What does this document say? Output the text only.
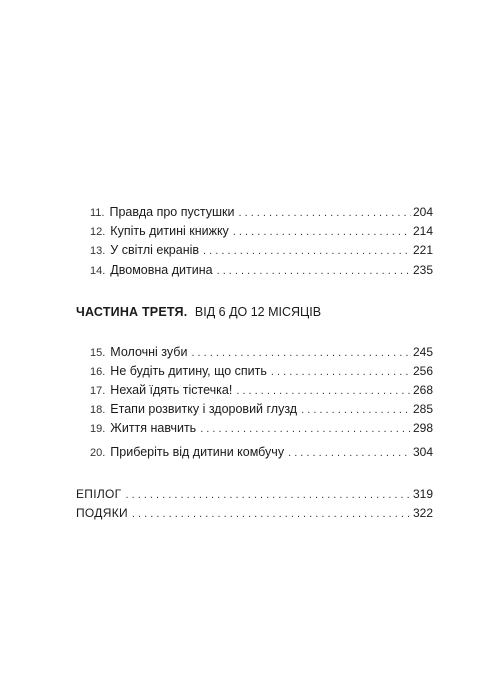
11. Правда про пустушки . . .	204
12. Купіть дитині книжку . . .	214
13. У світлі екранів . . .	221
14. Двомовна дитина . . .	235
ЧАСТИНА ТРЕТЯ. ВІД 6 ДО 12 МІСЯЦІВ
15. Молочні зуби . . .	245
16. Не будіть дитину, що спить . . .	256
17. Нехай їдять тістечка! . . .	268
18. Етапи розвитку і здоровий глузд . . .	285
19. Життя навчить . . .	298
20. Приберіть від дитини комбучу . . .	304
ЕПІЛОГ . . .	319
ПОДЯКИ . . .	322
